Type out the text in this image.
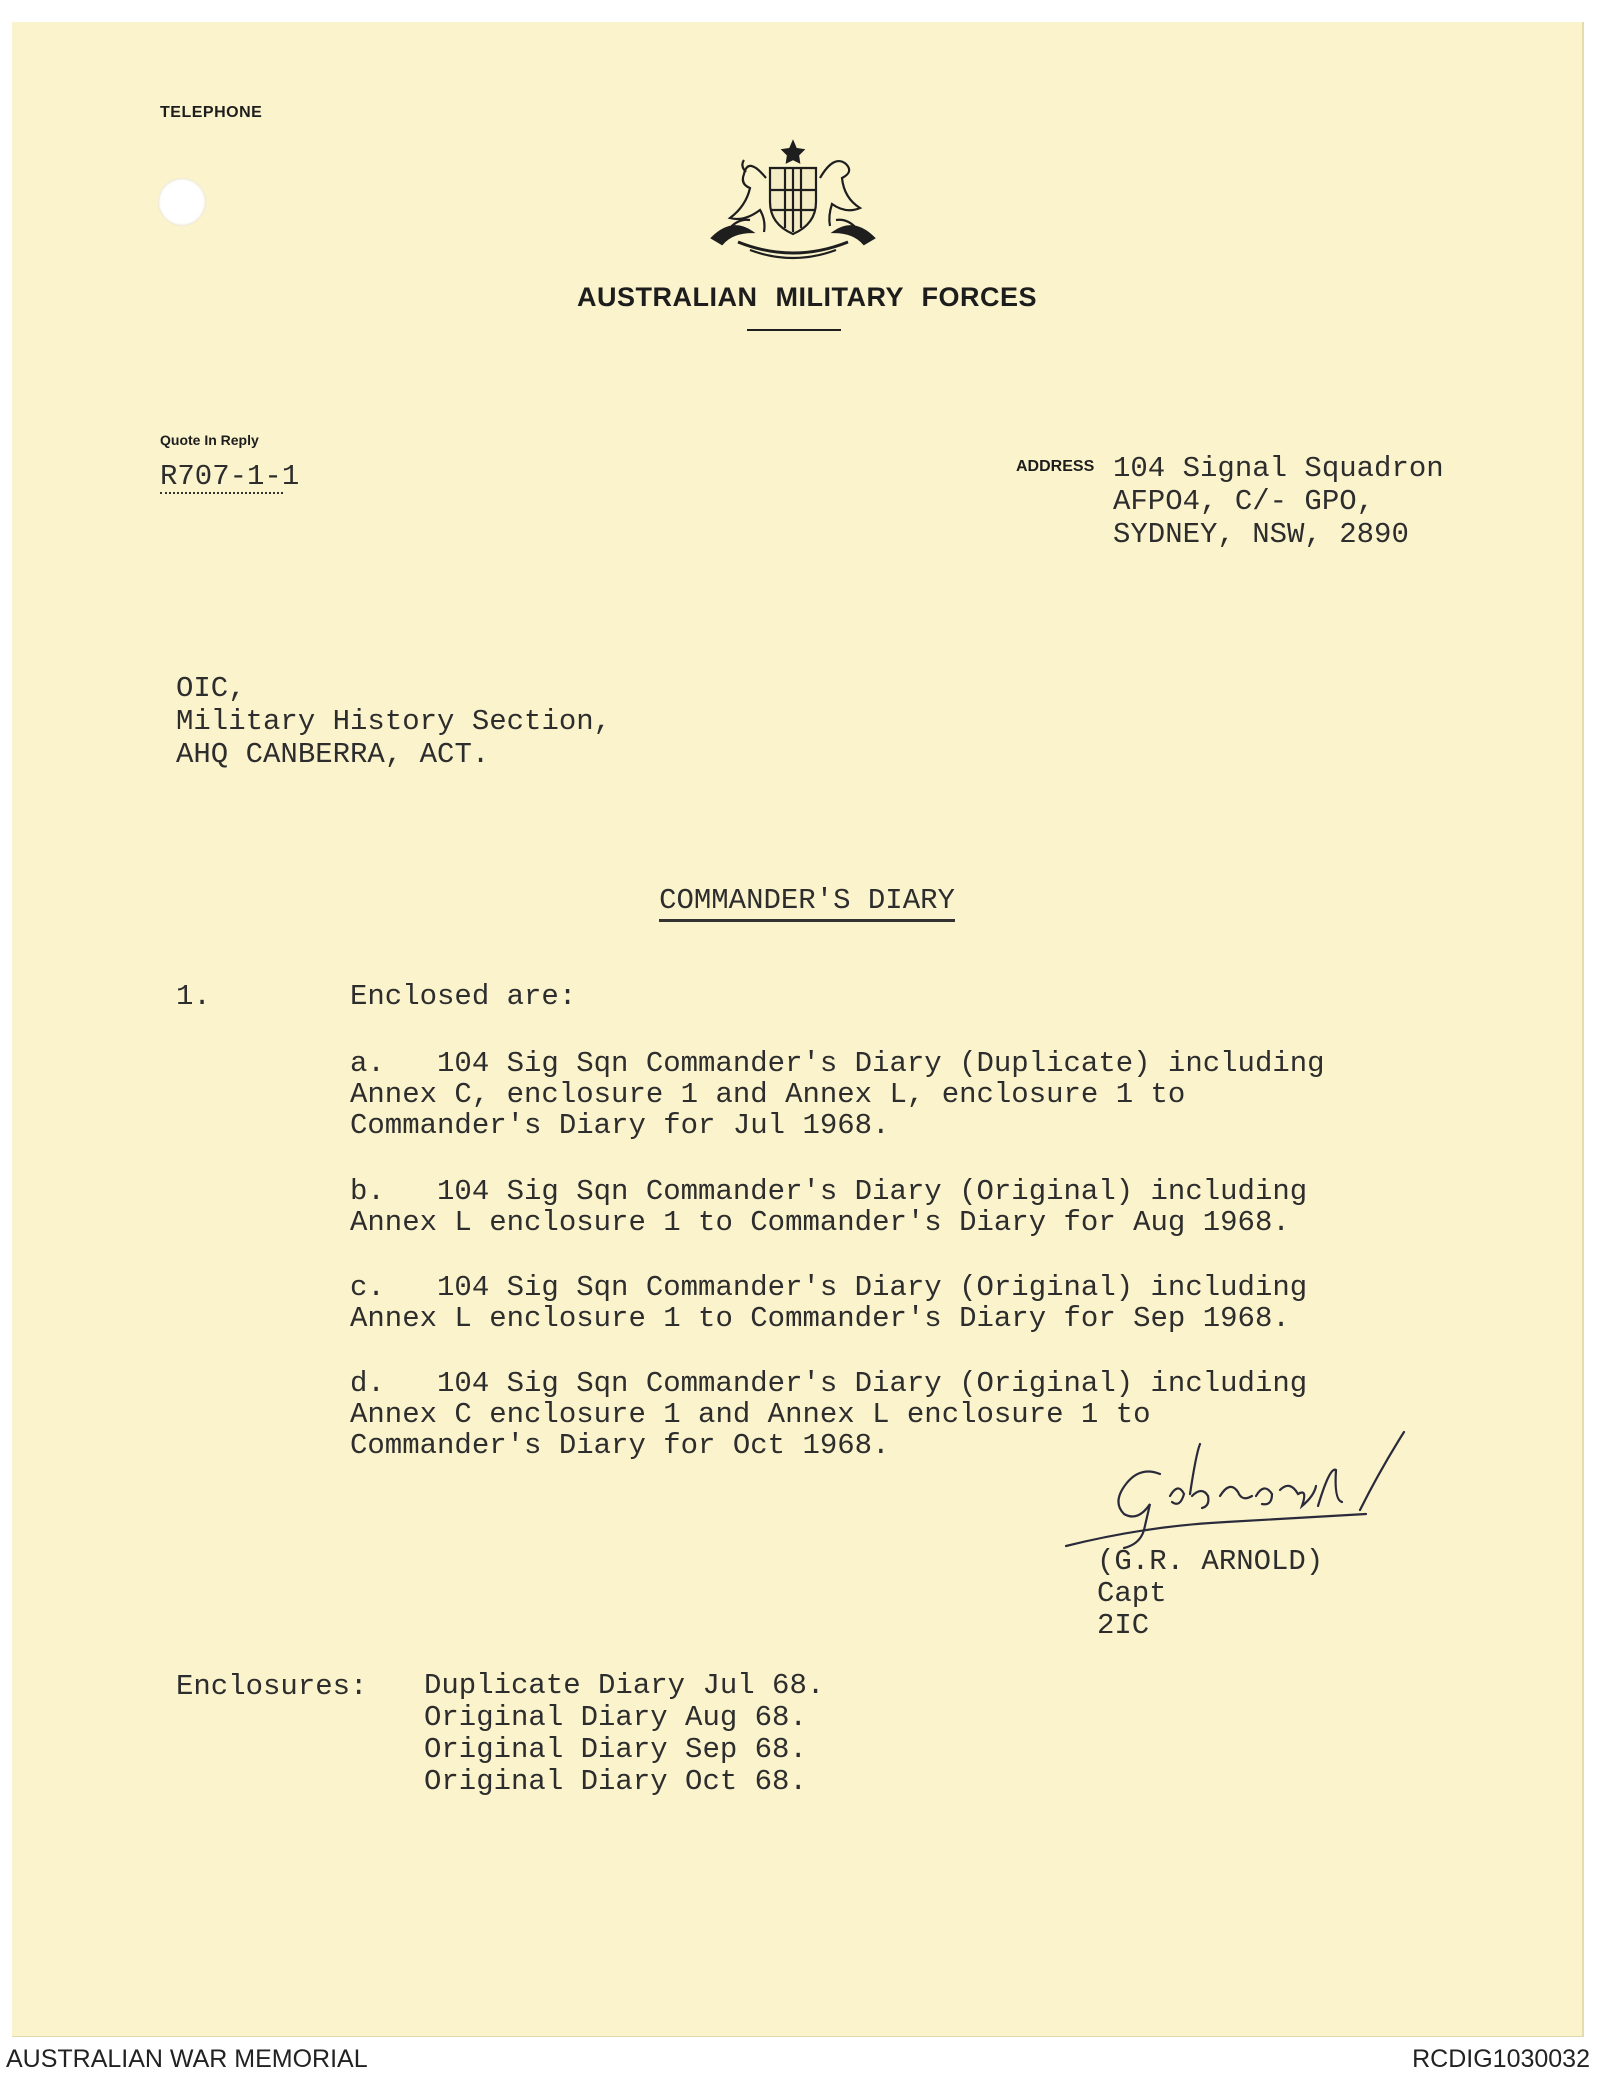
TELEPHONE
AUSTRALIAN MILITARY FORCES
Quote In Reply
R707-1-1	ADDRESS 104 Signal Squadron
AFPO4, C/- GPO,
SYDNEY, NSW, 2890
OIC,
Military History Section,
AHQ CANBERRA, ACT.
COMMANDER'S DIARY
1.	Enclosed are:
a.   104 Sig Sqn Commander's Diary (Duplicate) including
Annex C, enclosure 1 and Annex L, enclosure 1 to
Commander's Diary for Jul 1968.
b.   104 Sig Sqn Commander's Diary (Original) including
Annex L enclosure 1 to Commander's Diary for Aug 1968.
c.   104 Sig Sqn Commander's Diary (Original) including
Annex L enclosure 1 to Commander's Diary for Sep 1968.
d.   104 Sig Sqn Commander's Diary (Original) including
Annex C enclosure 1 and Annex L enclosure 1 to
Commander's Diary for Oct 1968.
(G.R. ARNOLD)
Capt
2IC
Enclosures: Duplicate Diary Jul 68.
Original Diary Aug 68.
Original Diary Sep 68.
Original Diary Oct 68.
AUSTRALIAN WAR MEMORIAL	RCDIG1030032
